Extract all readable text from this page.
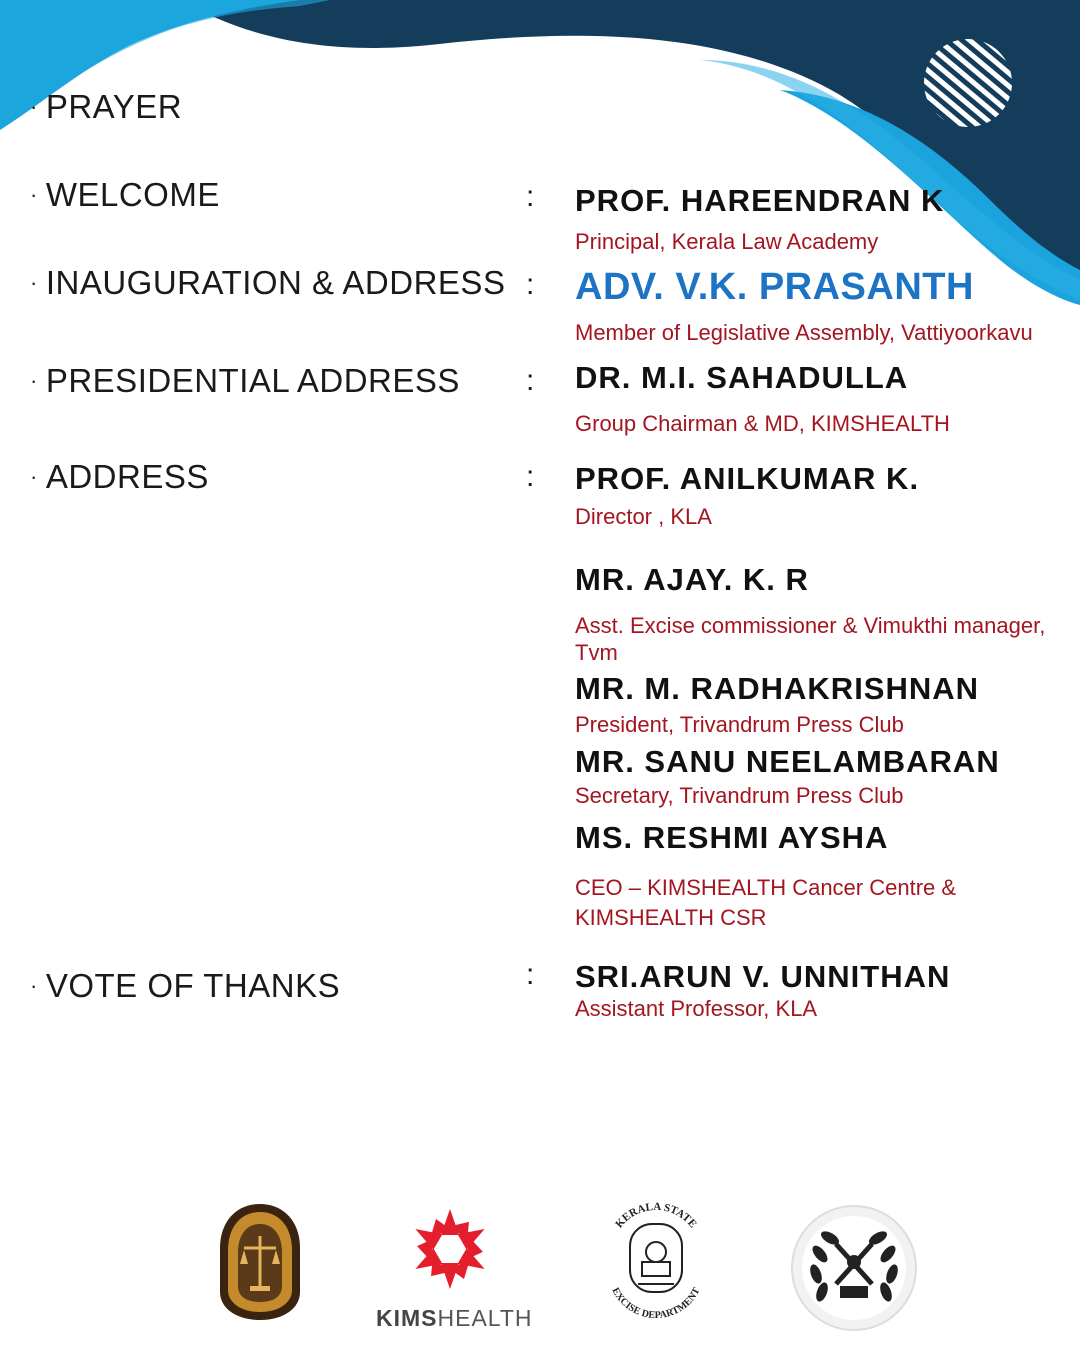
· PRAYER
· WELCOME
· INAUGURATION & ADDRESS
· PRESIDENTIAL ADDRESS
· ADDRESS
· VOTE OF THANKS
:
:
:
:
:
PROF. HAREENDRAN K
Principal, Kerala Law Academy
ADV. V.K. PRASANTH
Member of Legislative Assembly, Vattiyoorkavu
DR. M.I. SAHADULLA
Group Chairman & MD, KIMSHEALTH
PROF. ANILKUMAR K.
Director , KLA
MR. AJAY. K. R
Asst. Excise commissioner & Vimukthi manager, Tvm
MR. M. RADHAKRISHNAN
President, Trivandrum Press Club
MR. SANU NEELAMBARAN
Secretary, Trivandrum Press Club
MS. RESHMI AYSHA
CEO – KIMSHEALTH Cancer Centre & KIMSHEALTH CSR
SRI.ARUN V. UNNITHAN
Assistant Professor, KLA
KIMSHEALTH
KERALA STATE
EXCISE DEPARTMENT
